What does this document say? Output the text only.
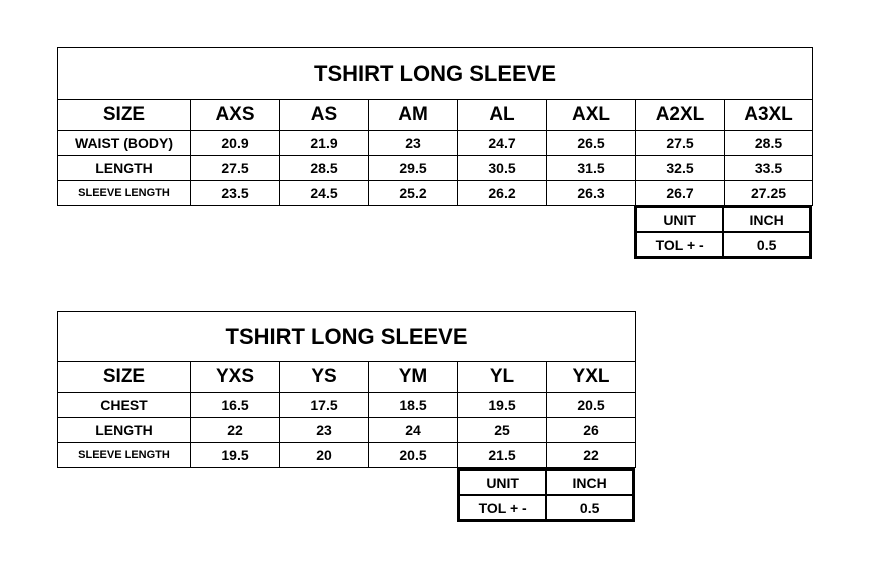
TSHIRT LONG SLEEVE							
SIZE	AXS	AS	AM	AL	AXL	A2XL	A3XL
WAIST (BODY)	20.9	21.9	23	24.7	26.5	27.5	28.5
LENGTH	27.5	28.5	29.5	30.5	31.5	32.5	33.5
SLEEVE LENGTH	23.5	24.5	25.2	26.2	26.3	26.7	27.25
UNIT	INCH
TOL + -	0.5
TSHIRT LONG SLEEVE					
SIZE	YXS	YS	YM	YL	YXL
CHEST	16.5	17.5	18.5	19.5	20.5
LENGTH	22	23	24	25	26
SLEEVE LENGTH	19.5	20	20.5	21.5	22
UNIT	INCH
TOL + -	0.5
